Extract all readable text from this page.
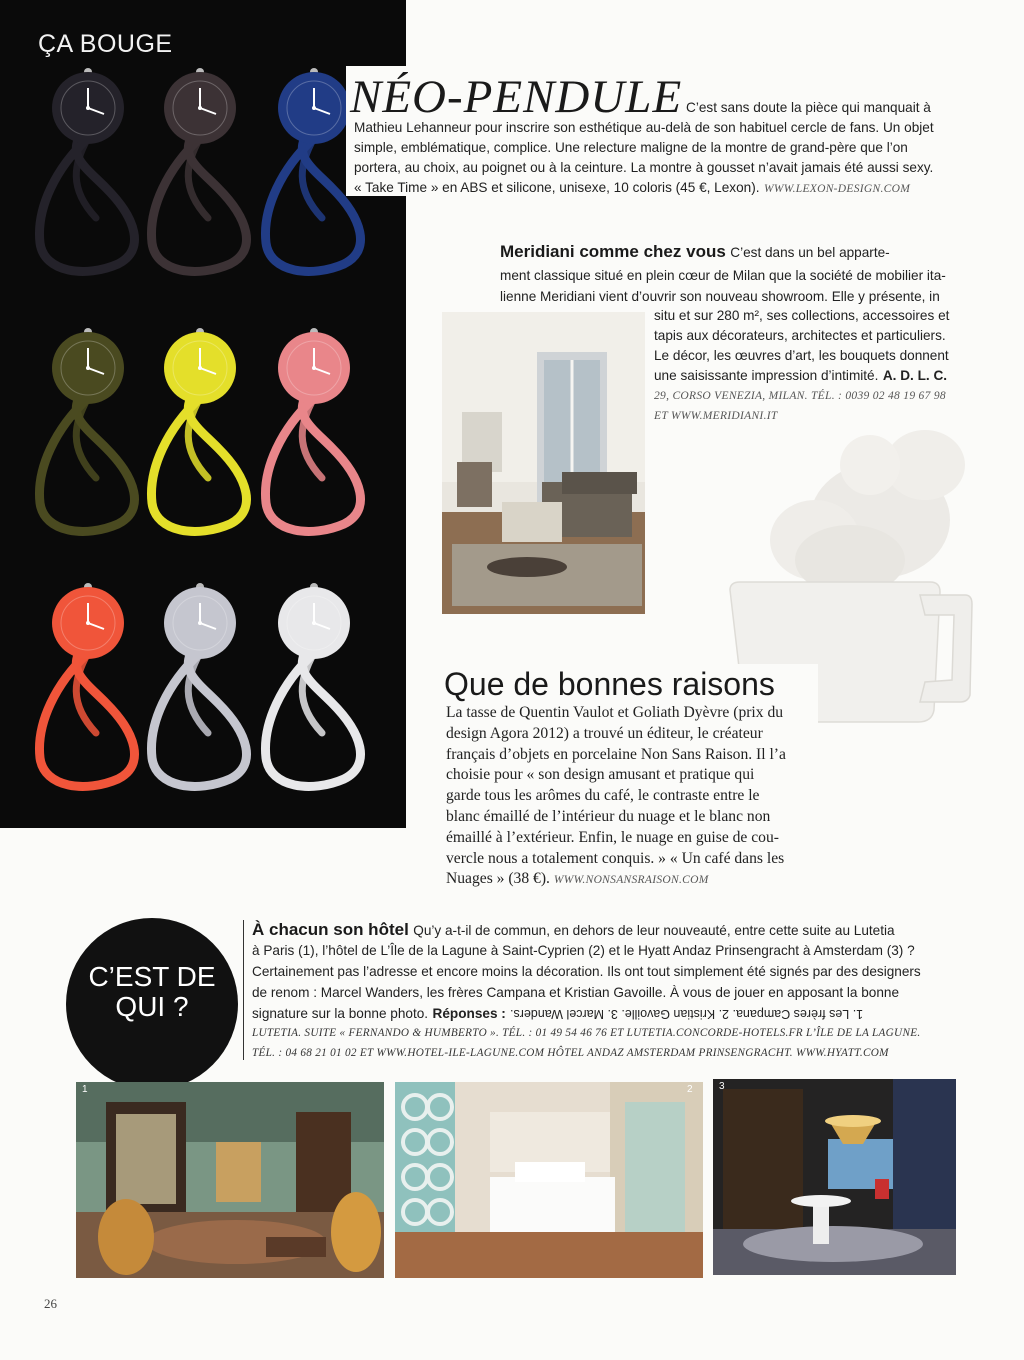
ÇA BOUGE
NÉO-PENDULE C’est sans doute la pièce qui manquait à
Mathieu Lehanneur pour inscrire son esthétique au-delà de son habituel cercle de fans. Un objet
simple, emblématique, complice. Une relecture maligne de la montre de grand-père que l’on
portera, au choix, au poignet ou à la ceinture. La montre à gousset n’avait jamais été aussi sexy.
« Take Time » en ABS et silicone, unisexe, 10 coloris (45 €, Lexon). WWW.LEXON-DESIGN.COM
Meridiani comme chez vous C’est dans un bel apparte-
ment classique situé en plein cœur de Milan que la société de mobilier ita-
lienne Meridiani vient d’ouvrir son nouveau showroom. Elle y présente, in
situ et sur 280 m², ses collections, accessoires et
tapis aux décorateurs, architectes et particuliers.
Le décor, les œuvres d’art, les bouquets donnent
une saisissante impression d’intimité. A. D. L. C.
29, CORSO VENEZIA, MILAN. TÉL. : 0039 02 48 19 67 98
ET WWW.MERIDIANI.IT
Que de bonnes raisons

La tasse de Quentin Vaulot et Goliath Dyèvre (prix du

design Agora 2012) a trouvé un éditeur, le créateur

français d’objets en porcelaine Non Sans Raison. Il l’a

choisie pour « son design amusant et pratique qui

garde tous les arômes du café, le contraste entre le

blanc émaillé de l’intérieur du nuage et le blanc non

émaillé à l’extérieur. Enfin, le nuage en guise de cou-

vercle nous a totalement conquis. » « Un café dans les

Nuages » (38 €). WWW.NONSANSRAISON.COM

C’EST DE
QUI ?
À chacun son hôtel Qu’y a-t-il de commun, en dehors de leur nouveauté, entre cette suite au Lutetia
à Paris (1), l’hôtel de L’Île de la Lagune à Saint-Cyprien (2) et le Hyatt Andaz Prinsengracht à Amsterdam (3) ?
Certainement pas l’adresse et encore moins la décoration. Ils ont tout simplement été signés par des designers
de renom : Marcel Wanders, les frères Campana et Kristian Gavoille. À vous de jouer en apposant la bonne
signature sur la bonne photo. Réponses : 1. Les frères Campana. 2. Kristian Gavoille. 3. Marcel Wanders.
LUTETIA. SUITE « FERNANDO & HUMBERTO ». TÉL. : 01 49 54 46 76 ET LUTETIA.CONCORDE-HOTELS.FR L’ÎLE DE LA LAGUNE.
TÉL. : 04 68 21 01 02 ET WWW.HOTEL-ILE-LAGUNE.COM HÔTEL ANDAZ AMSTERDAM PRINSENGRACHT. WWW.HYATT.COM
1	2	3
26
